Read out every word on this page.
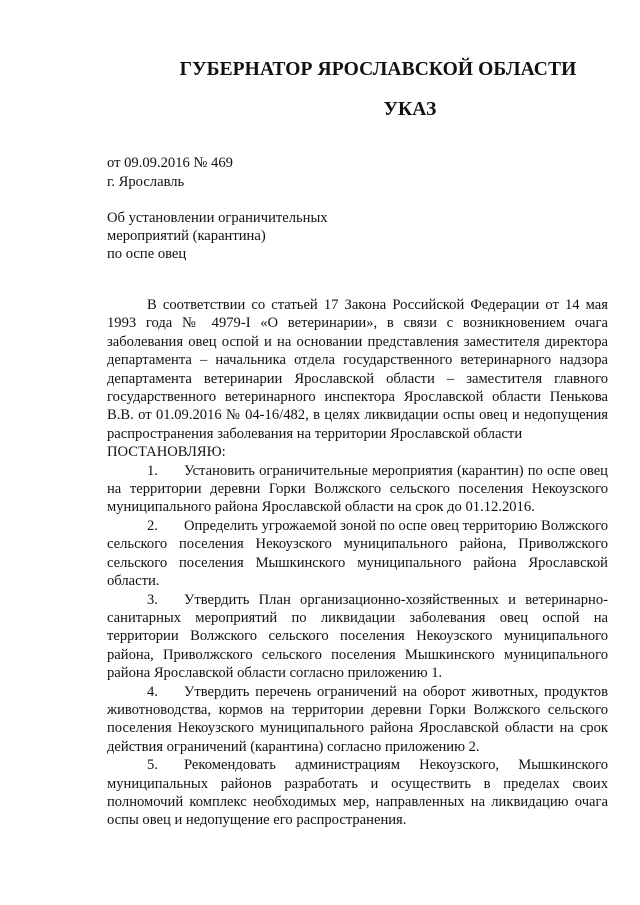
ГУБЕРНАТОР ЯРОСЛАВСКОЙ ОБЛАСТИ
УКАЗ
от 09.09.2016 № 469
г. Ярославль
Об установлении ограничительных
мероприятий (карантина)
по оспе овец

В соответствии со статьей 17 Закона Российской Федерации от 14 мая 1993 года № 4979-I «О ветеринарии», в связи с возникновением очага заболевания овец оспой и на основании представления заместителя директора департамента – начальника отдела государственного ветеринарного надзора департамента ветеринарии Ярославской области – заместителя главного государственного ветеринарного инспектора Ярославской области Пенькова В.В. от 01.09.2016 № 04-16/482, в целях ликвидации оспы овец и недопущения распространения заболевания на территории Ярославской области

ПОСТАНОВЛЯЮ:

1. Установить ограничительные мероприятия (карантин) по оспе овец на территории деревни Горки Волжского сельского поселения Некоузского муниципального района Ярославской области на срок до 01.12.2016.

2. Определить угрожаемой зоной по оспе овец территорию Волжского сельского поселения Некоузского муниципального района, Приволжского сельского поселения Мышкинского муниципального района Ярославской области.

3. Утвердить План организационно-хозяйственных и ветеринарно-санитарных мероприятий по ликвидации заболевания овец оспой на территории Волжского сельского поселения Некоузского муниципального района, Приволжского сельского поселения Мышкинского муниципального района Ярославской области согласно приложению 1.

4. Утвердить перечень ограничений на оборот животных, продуктов животноводства, кормов на территории деревни Горки Волжского сельского поселения Некоузского муниципального района Ярославской области на срок действия ограничений (карантина) согласно приложению 2.

5. Рекомендовать администрациям Некоузского, Мышкинского муниципальных районов разработать и осуществить в пределах своих полномочий комплекс необходимых мер, направленных на ликвидацию очага оспы овец и недопущение его распространения.
